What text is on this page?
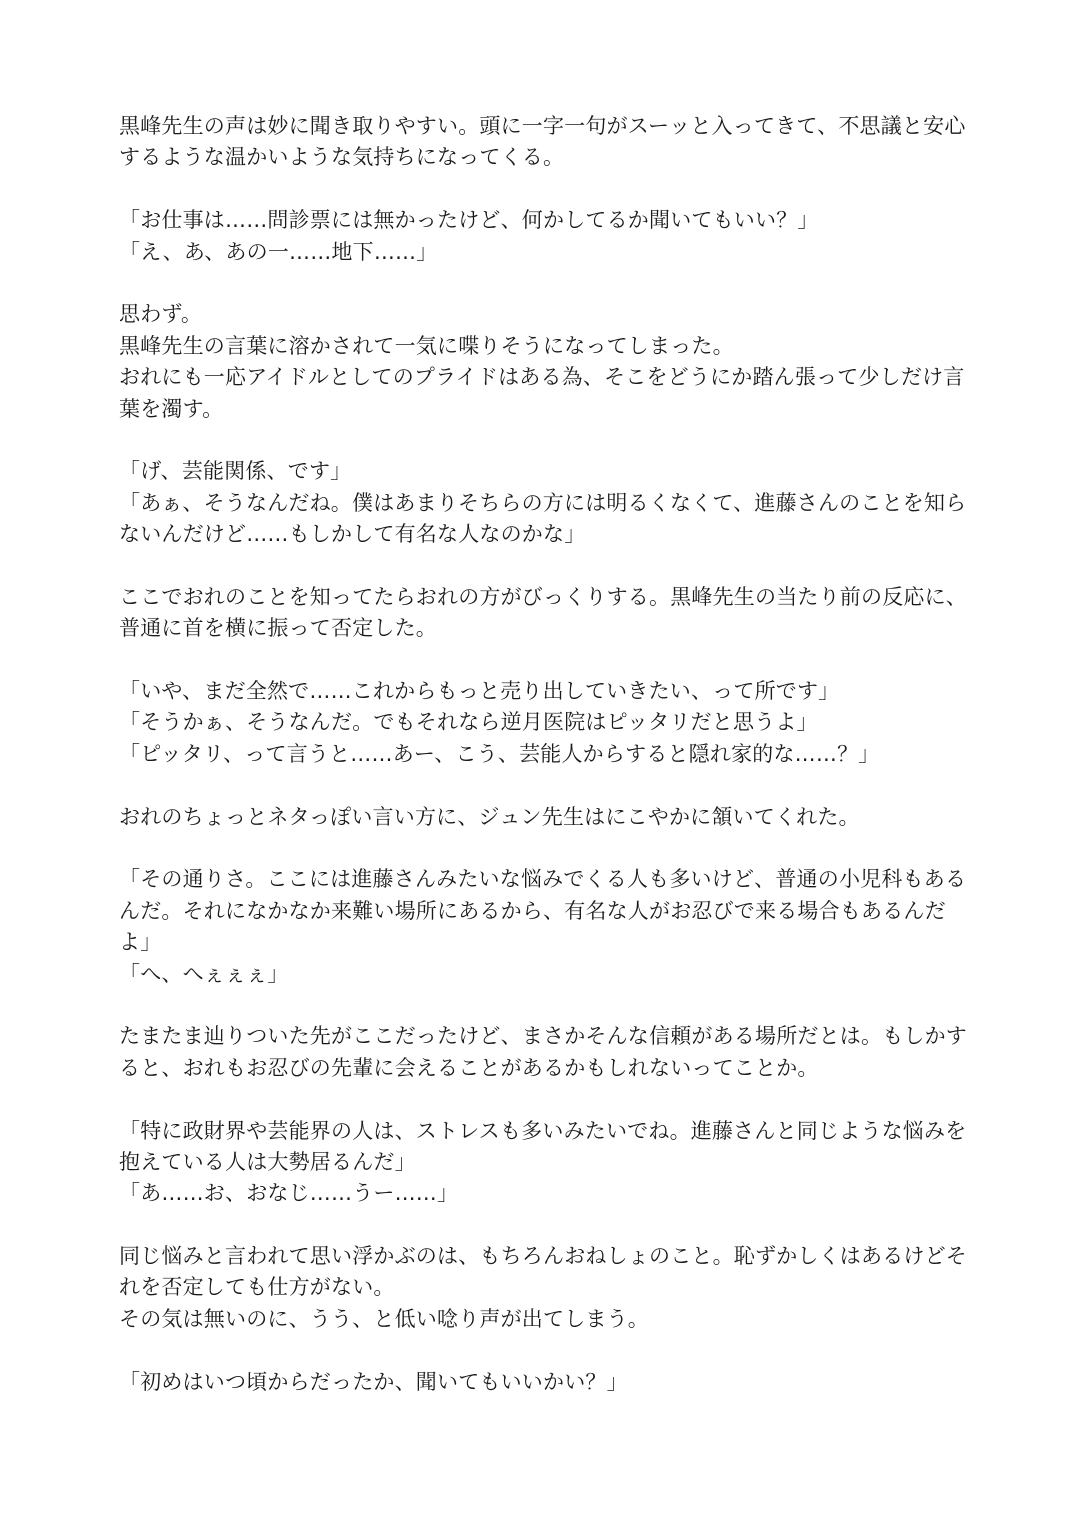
黒峰先生の声は妙に聞き取りやすい。頭に一字一句がスーッと入ってきて、不思議と安心
するような温かいような気持ちになってくる。
「お仕事は……問診票には無かったけど、何かしてるか聞いてもいい？」
「え、あ、あの一……地下……」
思わず。
黒峰先生の言葉に溶かされて一気に喋りそうになってしまった。
おれにも一応アイドルとしてのプライドはある為、そこをどうにか踏ん張って少しだけ言
葉を濁す。
「げ、芸能関係、です」
「あぁ、そうなんだね。僕はあまりそちらの方には明るくなくて、進藤さんのことを知ら
ないんだけど……もしかして有名な人なのかな」
ここでおれのことを知ってたらおれの方がびっくりする。黒峰先生の当たり前の反応に、
普通に首を横に振って否定した。
「いや、まだ全然で……これからもっと売り出していきたい、って所です」
「そうかぁ、そうなんだ。でもそれなら逆月医院はピッタリだと思うよ」
「ピッタリ、って言うと……あー、こう、芸能人からすると隠れ家的な……？」
おれのちょっとネタっぽい言い方に、ジュン先生はにこやかに頷いてくれた。
「その通りさ。ここには進藤さんみたいな悩みでくる人も多いけど、普通の小児科もある
んだ。それになかなか来難い場所にあるから、有名な人がお忍びで来る場合もあるんだ
よ」
「へ、へぇぇぇ」
たまたま辿りついた先がここだったけど、まさかそんな信頼がある場所だとは。もしかす
ると、おれもお忍びの先輩に会えることがあるかもしれないってことか。
「特に政財界や芸能界の人は、ストレスも多いみたいでね。進藤さんと同じような悩みを
抱えている人は大勢居るんだ」
「あ……お、おなじ……うー……」
同じ悩みと言われて思い浮かぶのは、もちろんおねしょのこと。恥ずかしくはあるけどそ
れを否定しても仕方がない。
その気は無いのに、うう、と低い唸り声が出てしまう。
「初めはいつ頃からだったか、聞いてもいいかい？」
